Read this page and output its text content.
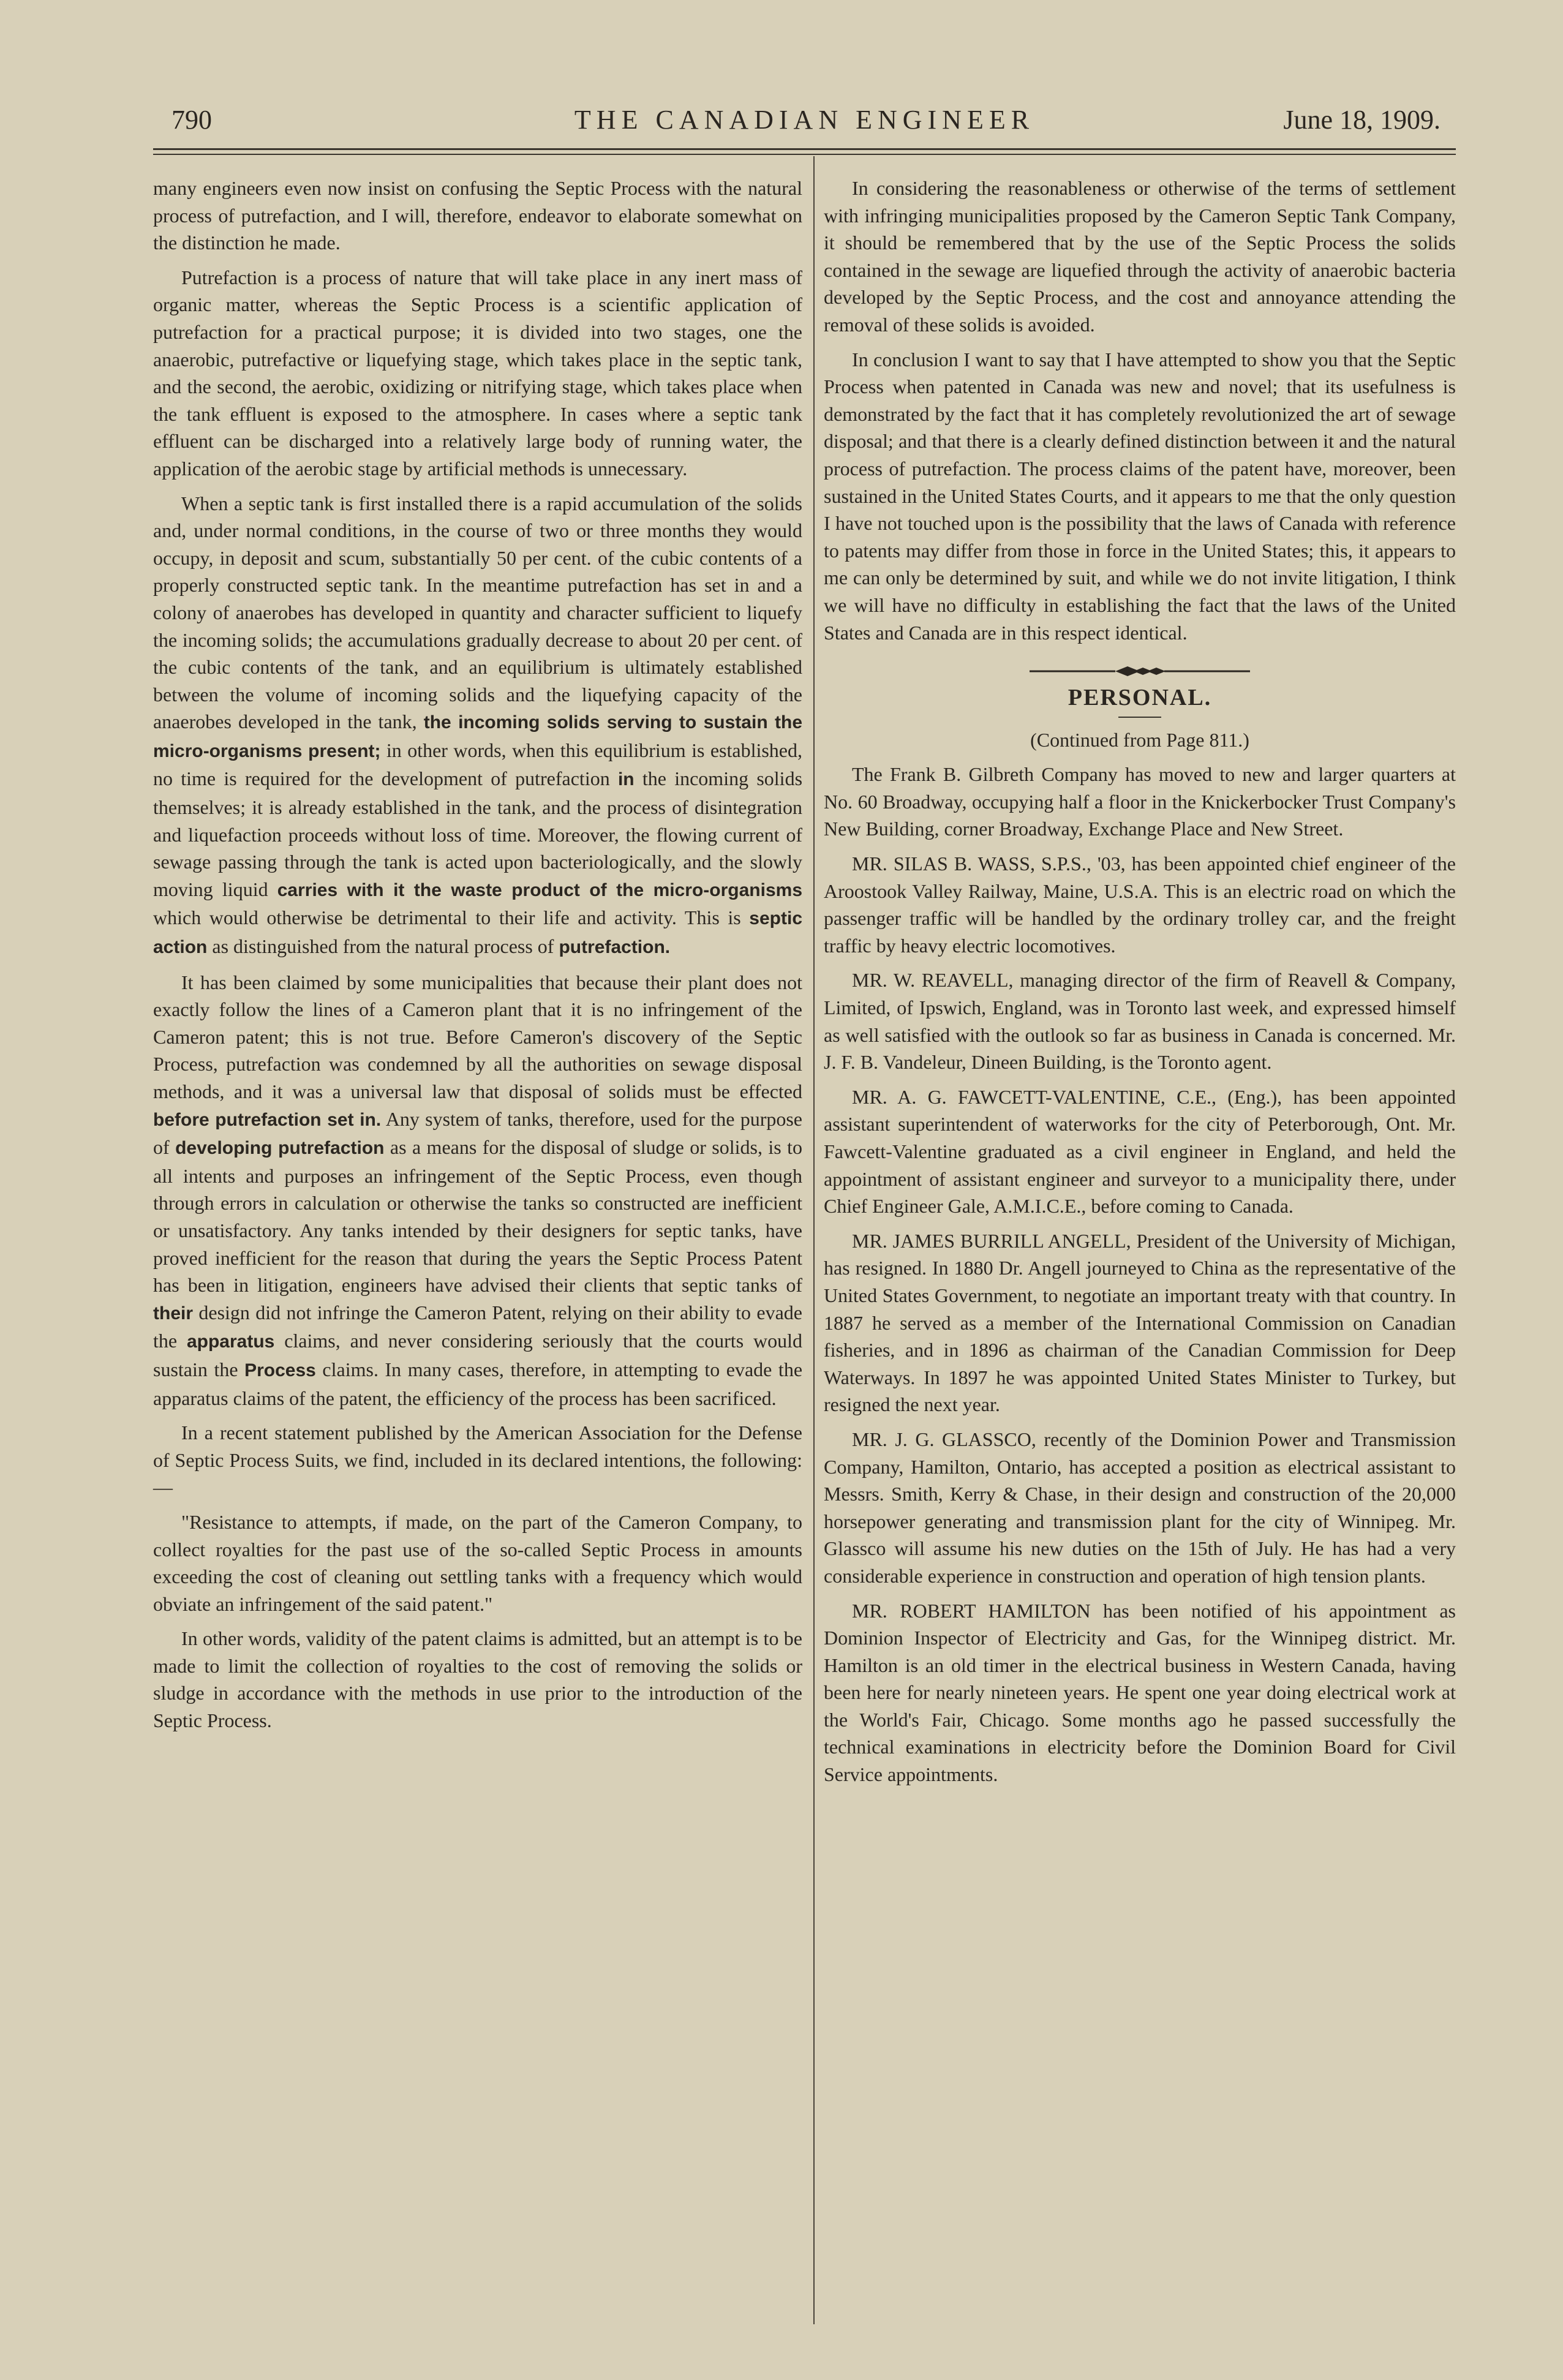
790	THE CANADIAN ENGINEER	June 18, 1909.

many engineers even now insist on confusing the Septic Process with the natural process of putrefaction, and I will, therefore, endeavor to elaborate somewhat on the distinction he made.

Putrefaction is a process of nature that will take place in any inert mass of organic matter, whereas the Septic Process is a scientific application of putrefaction for a practical purpose; it is divided into two stages, one the anaerobic, putrefactive or liquefying stage, which takes place in the septic tank, and the second, the aerobic, oxidizing or nitrifying stage, which takes place when the tank effluent is exposed to the atmosphere. In cases where a septic tank effluent can be discharged into a relatively large body of running water, the application of the aerobic stage by artificial methods is unnecessary.

When a septic tank is first installed there is a rapid accumulation of the solids and, under normal conditions, in the course of two or three months they would occupy, in deposit and scum, substantially 50 per cent. of the cubic contents of a properly constructed septic tank. In the meantime putrefaction has set in and a colony of anaerobes has developed in quantity and character sufficient to liquefy the incoming solids; the accumulations gradually decrease to about 20 per cent. of the cubic contents of the tank, and an equilibrium is ultimately established between the volume of incoming solids and the liquefying capacity of the anaerobes developed in the tank, the incoming solids serving to sustain the micro-organisms present; in other words, when this equilibrium is established, no time is required for the development of putrefaction in the incoming solids themselves; it is already established in the tank, and the process of disintegration and liquefaction proceeds without loss of time. Moreover, the flowing current of sewage passing through the tank is acted upon bacteriologically, and the slowly moving liquid carries with it the waste product of the micro-organisms which would otherwise be detrimental to their life and activity. This is septic action as distinguished from the natural process of putrefaction.

It has been claimed by some municipalities that because their plant does not exactly follow the lines of a Cameron plant that it is no infringement of the Cameron patent; this is not true. Before Cameron's discovery of the Septic Process, putrefaction was condemned by all the authorities on sewage disposal methods, and it was a universal law that disposal of solids must be effected before putrefaction set in. Any system of tanks, therefore, used for the purpose of developing putrefaction as a means for the disposal of sludge or solids, is to all intents and purposes an infringement of the Septic Process, even though through errors in calculation or otherwise the tanks so constructed are inefficient or unsatisfactory. Any tanks intended by their designers for septic tanks, have proved inefficient for the reason that during the years the Septic Process Patent has been in litigation, engineers have advised their clients that septic tanks of their design did not infringe the Cameron Patent, relying on their ability to evade the apparatus claims, and never considering seriously that the courts would sustain the Process claims. In many cases, therefore, in attempting to evade the apparatus claims of the patent, the efficiency of the process has been sacrificed.

In a recent statement published by the American Association for the Defense of Septic Process Suits, we find, included in its declared intentions, the following:—

"Resistance to attempts, if made, on the part of the Cameron Company, to collect royalties for the past use of the so-called Septic Process in amounts exceeding the cost of cleaning out settling tanks with a frequency which would obviate an infringement of the said patent."

In other words, validity of the patent claims is admitted, but an attempt is to be made to limit the collection of royalties to the cost of removing the solids or sludge in accordance with the methods in use prior to the introduction of the Septic Process.

In considering the reasonableness or otherwise of the terms of settlement with infringing municipalities proposed by the Cameron Septic Tank Company, it should be remembered that by the use of the Septic Process the solids contained in the sewage are liquefied through the activity of anaerobic bacteria developed by the Septic Process, and the cost and annoyance attending the removal of these solids is avoided.

In conclusion I want to say that I have attempted to show you that the Septic Process when patented in Canada was new and novel; that its usefulness is demonstrated by the fact that it has completely revolutionized the art of sewage disposal; and that there is a clearly defined distinction between it and the natural process of putrefaction. The process claims of the patent have, moreover, been sustained in the United States Courts, and it appears to me that the only question I have not touched upon is the possibility that the laws of Canada with reference to patents may differ from those in force in the United States; this, it appears to me can only be determined by suit, and while we do not invite litigation, I think we will have no difficulty in establishing the fact that the laws of the United States and Canada are in this respect identical.

PERSONAL.

(Continued from Page 811.)

The Frank B. Gilbreth Company has moved to new and larger quarters at No. 60 Broadway, occupying half a floor in the Knickerbocker Trust Company's New Building, corner Broadway, Exchange Place and New Street.

MR. SILAS B. WASS, S.P.S., '03, has been appointed chief engineer of the Aroostook Valley Railway, Maine, U.S.A. This is an electric road on which the passenger traffic will be handled by the ordinary trolley car, and the freight traffic by heavy electric locomotives.

MR. W. REAVELL, managing director of the firm of Reavell & Company, Limited, of Ipswich, England, was in Toronto last week, and expressed himself as well satisfied with the outlook so far as business in Canada is concerned. Mr. J. F. B. Vandeleur, Dineen Building, is the Toronto agent.

MR. A. G. FAWCETT-VALENTINE, C.E., (Eng.), has been appointed assistant superintendent of waterworks for the city of Peterborough, Ont. Mr. Fawcett-Valentine graduated as a civil engineer in England, and held the appointment of assistant engineer and surveyor to a municipality there, under Chief Engineer Gale, A.M.I.C.E., before coming to Canada.

MR. JAMES BURRILL ANGELL, President of the University of Michigan, has resigned. In 1880 Dr. Angell journeyed to China as the representative of the United States Government, to negotiate an important treaty with that country. In 1887 he served as a member of the International Commission on Canadian fisheries, and in 1896 as chairman of the Canadian Commission for Deep Waterways. In 1897 he was appointed United States Minister to Turkey, but resigned the next year.

MR. J. G. GLASSCO, recently of the Dominion Power and Transmission Company, Hamilton, Ontario, has accepted a position as electrical assistant to Messrs. Smith, Kerry & Chase, in their design and construction of the 20,000 horsepower generating and transmission plant for the city of Winnipeg. Mr. Glassco will assume his new duties on the 15th of July. He has had a very considerable experience in construction and operation of high tension plants.

MR. ROBERT HAMILTON has been notified of his appointment as Dominion Inspector of Electricity and Gas, for the Winnipeg district. Mr. Hamilton is an old timer in the electrical business in Western Canada, having been here for nearly nineteen years. He spent one year doing electrical work at the World's Fair, Chicago. Some months ago he passed successfully the technical examinations in electricity before the Dominion Board for Civil Service appointments.
